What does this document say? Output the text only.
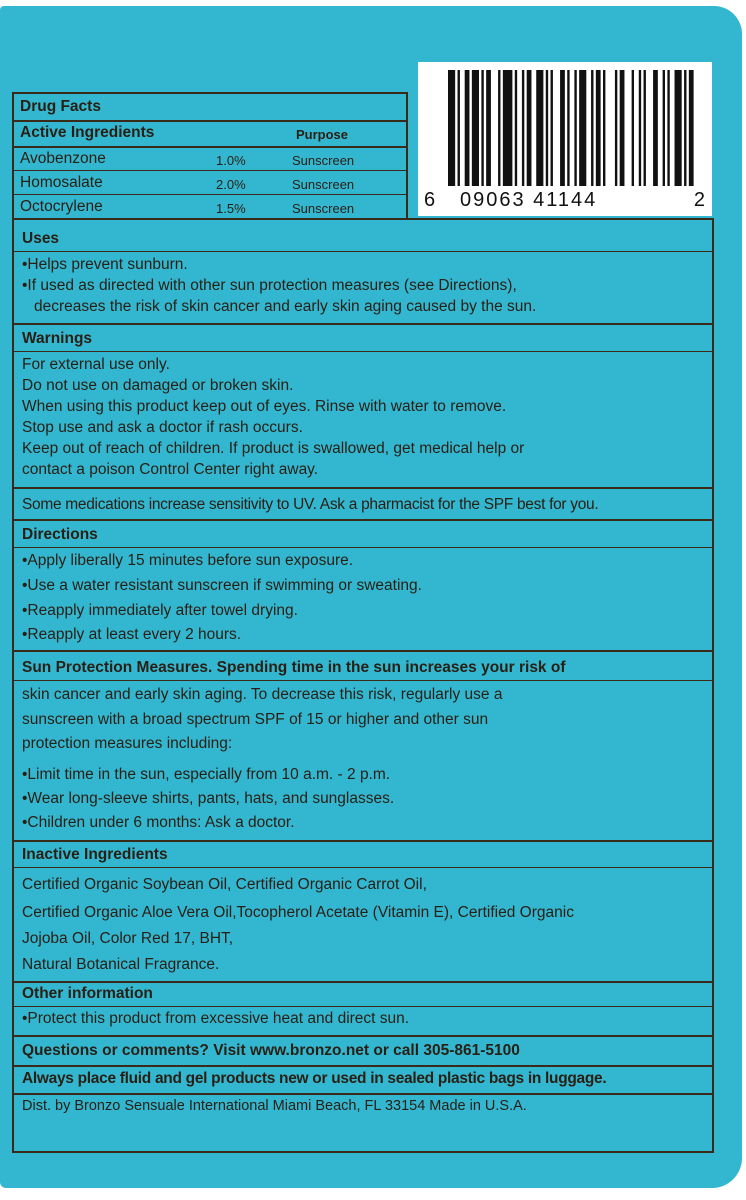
6 09063 41144	2
Drug Facts
Active Ingredients	Purpose
Avobenzone	1.0%	Sunscreen
Homosalate	2.0%	Sunscreen
Octocrylene	1.5%	Sunscreen
Uses
•Helps prevent sunburn.
•If used as directed with other sun protection measures (see Directions),
decreases the risk of skin cancer and early skin aging caused by the sun.
Warnings
For external use only.
Do not use on damaged or broken skin.
When using this product keep out of eyes. Rinse with water to remove.
Stop use and ask a doctor if rash occurs.
Keep out of reach of children. If product is swallowed, get medical help or
contact a poison Control Center right away.
Some medications increase sensitivity to UV. Ask a pharmacist for the SPF best for you.
Directions
•Apply liberally 15 minutes before sun exposure.
•Use a water resistant sunscreen if swimming or sweating.
•Reapply immediately after towel drying.
•Reapply at least every 2 hours.
Sun Protection Measures. Spending time in the sun increases your risk of
skin cancer and early skin aging. To decrease this risk, regularly use a
sunscreen with a broad spectrum SPF of 15 or higher and other sun
protection measures including:
•Limit time in the sun, especially from 10 a.m. - 2 p.m.
•Wear long-sleeve shirts, pants, hats, and sunglasses.
•Children under 6 months: Ask a doctor.
Inactive Ingredients
Certified Organic Soybean Oil, Certified Organic Carrot Oil,
Certified Organic Aloe Vera Oil,Tocopherol Acetate (Vitamin E), Certified Organic
Jojoba Oil, Color Red 17, BHT,
Natural Botanical Fragrance.
Other information
•Protect this product from excessive heat and direct sun.
Questions or comments? Visit www.bronzo.net or call 305-861-5100
Always place fluid and gel products new or used in sealed plastic bags in luggage.
Dist. by Bronzo Sensuale International Miami Beach, FL 33154 Made in U.S.A.
